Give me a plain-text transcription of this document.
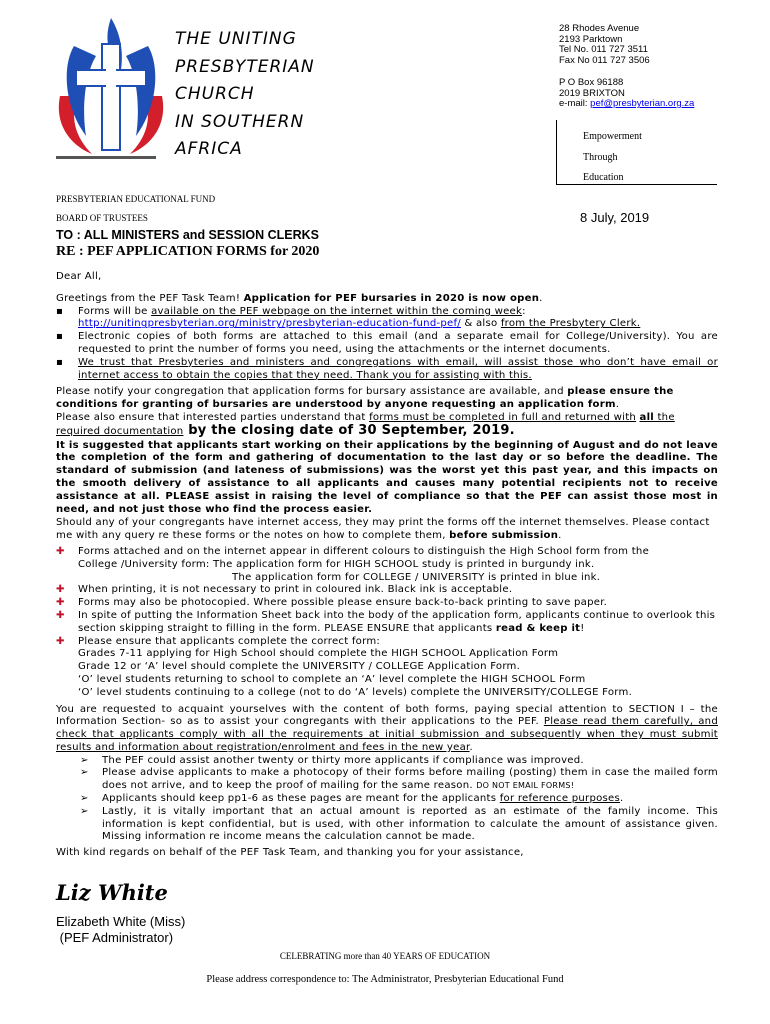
THE UNITING
PRESBYTERIAN
CHURCH
IN SOUTHERN
AFRICA
28 Rhodes Avenue
2193 Parktown
Tel No. 011 727 3511
Fax No 011 727 3506
P O Box 96188
2019 BRIXTON
e-mail: pef@presbyterian.org.za
Empowerment
Through
Education
PRESBYTERIAN EDUCATIONAL FUND
BOARD OF TRUSTEES	8 July, 2019
TO : ALL MINISTERS and SESSION CLERKS
RE : PEF APPLICATION FORMS for 2020

Dear All,

Greetings from the PEF Task Team! Application for PEF bursaries in 2020 is now open.

▪	Forms will be available on the PEF webpage on the internet within the coming week: http://unitingpresbyterian.org/ministry/presbyterian-education-fund-pef/ & also from the Presbytery Clerk.
▪	Electronic copies of both forms are attached to this email (and a separate email for College/University). You are requested to print the number of forms you need, using the attachments or the internet documents.
▪	We trust that Presbyteries and ministers and congregations with email, will assist those who don’t have email or internet access to obtain the copies that they need. Thank you for assisting with this.

Please notify your congregation that application forms for bursary assistance are available, and please ensure the conditions for granting of bursaries are understood by anyone requesting an application form.

Please also ensure that interested parties understand that forms must be completed in full and returned with all the required documentation by the closing date of 30 September, 2019.

It is suggested that applicants start working on their applications by the beginning of August and do not leave the completion of the form and gathering of documentation to the last day or so before the deadline. The standard of submission (and lateness of submissions) was the worst yet this past year, and this impacts on the smooth delivery of assistance to all applicants and causes many potential recipients not to receive assistance at all. PLEASE assist in raising the level of compliance so that the PEF can assist those most in need, and not just those who find the process easier.

Should any of your congregants have internet access, they may print the forms off the internet themselves. Please contact me with any query re these forms or the notes on how to complete them, before submission.

✚	Forms attached and on the internet appear in different colours to distinguish the High School form from the
College /University form: The application form for HIGH SCHOOL study is printed in burgundy ink.
The application form for COLLEGE / UNIVERSITY is printed in blue ink.
✚	When printing, it is not necessary to print in coloured ink. Black ink is acceptable.
✚	Forms may also be photocopied. Where possible please ensure back-to-back printing to save paper.
✚	In spite of putting the Information Sheet back into the body of the application form, applicants continue to overlook this section skipping straight to filling in the form. PLEASE ENSURE that applicants read & keep it!
✚	Please ensure that applicants complete the correct form:
Grades 7-11 applying for High School should complete the HIGH SCHOOL Application Form
Grade 12 or ‘A’ level should complete the UNIVERSITY / COLLEGE Application Form.
‘O’ level students returning to school to complete an ‘A’ level complete the HIGH SCHOOL Form
‘O’ level students continuing to a college (not to do ‘A’ levels) complete the UNIVERSITY/COLLEGE Form.

You are requested to acquaint yourselves with the content of both forms, paying special attention to SECTION I – the Information Section- so as to assist your congregants with their applications to the PEF. Please read them carefully, and check that applicants comply with all the requirements at initial submission and subsequently when they must submit results and information about registration/enrolment and fees in the new year.

➢	The PEF could assist another twenty or thirty more applicants if compliance was improved.
➢	Please advise applicants to make a photocopy of their forms before mailing (posting) them in case the mailed form does not arrive, and to keep the proof of mailing for the same reason. DO NOT EMAIL FORMS!
➢	Applicants should keep pp1-6 as these pages are meant for the applicants for reference purposes.
➢	Lastly, it is vitally important that an actual amount is reported as an estimate of the family income. This information is kept confidential, but is used, with other information to calculate the amount of assistance given. Missing information re income means the calculation cannot be made.

With kind regards on behalf of the PEF Task Team, and thanking you for your assistance,

Liz White
Elizabeth White (Miss)
(PEF Administrator)
CELEBRATING more than 40 YEARS OF EDUCATION
Please address correspondence to: The Administrator, Presbyterian Educational Fund
